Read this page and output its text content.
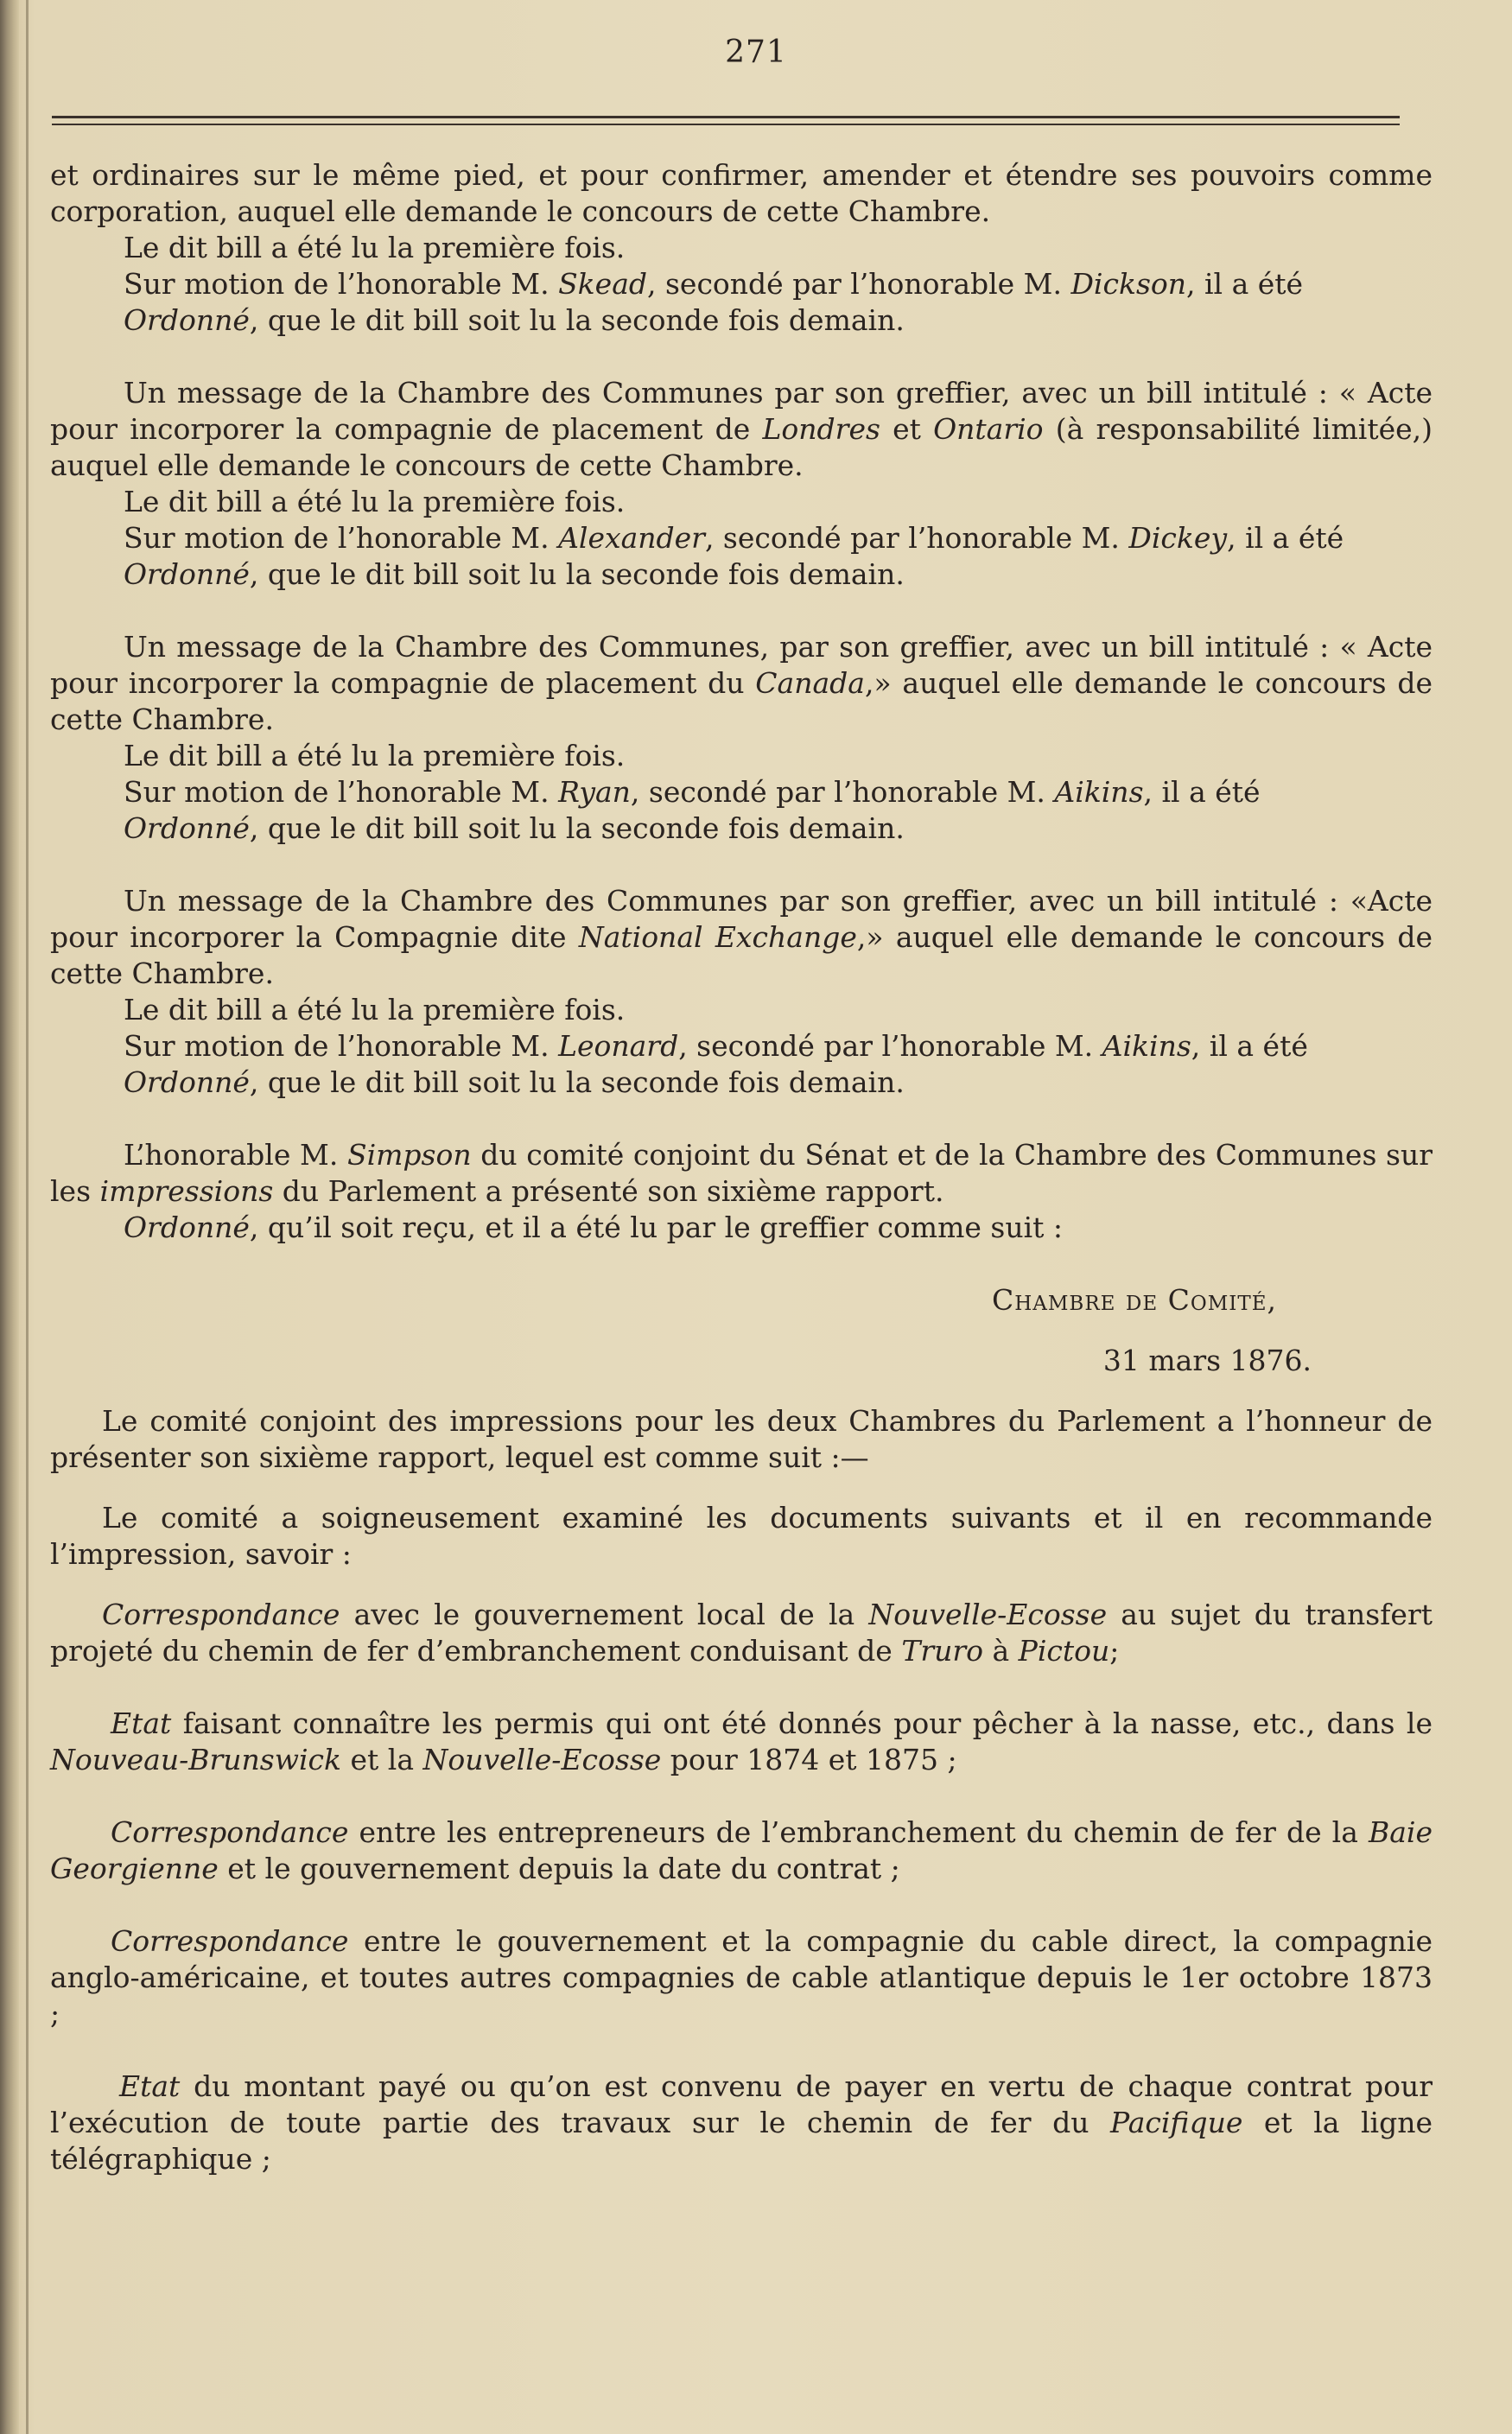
271

et ordinaires sur le même pied, et pour confirmer, amender et étendre ses pouvoirs comme corporation, auquel elle demande le concours de cette Chambre.

Le dit bill a été lu la première fois.

Sur motion de l’honorable M. Skead, secondé par l’honorable M. Dickson, il a été

Ordonné, que le dit bill soit lu la seconde fois demain.

Un message de la Chambre des Communes par son greffier, avec un bill intitulé : « Acte pour incorporer la compagnie de placement de Londres et Ontario (à responsabilité limitée,) auquel elle demande le concours de cette Chambre.

Le dit bill a été lu la première fois.

Sur motion de l’honorable M. Alexander, secondé par l’honorable M. Dickey, il a été

Ordonné, que le dit bill soit lu la seconde fois demain.

Un message de la Chambre des Communes, par son greffier, avec un bill intitulé : « Acte pour incorporer la compagnie de placement du Canada,» auquel elle demande le concours de cette Chambre.

Le dit bill a été lu la première fois.

Sur motion de l’honorable M. Ryan, secondé par l’honorable M. Aikins, il a été

Ordonné, que le dit bill soit lu la seconde fois demain.

Un message de la Chambre des Communes par son greffier, avec un bill intitulé : «Acte pour incorporer la Compagnie dite National Exchange,» auquel elle demande le concours de cette Chambre.

Le dit bill a été lu la première fois.

Sur motion de l’honorable M. Leonard, secondé par l’honorable M. Aikins, il a été

Ordonné, que le dit bill soit lu la seconde fois demain.

L’honorable M. Simpson du comité conjoint du Sénat et de la Chambre des Communes sur les impressions du Parlement a présenté son sixième rapport.

Ordonné, qu’il soit reçu, et il a été lu par le greffier comme suit :

Chambre de Comité,

31 mars 1876.

Le comité conjoint des impressions pour les deux Chambres du Parlement a l’honneur de présenter son sixième rapport, lequel est comme suit :—

Le comité a soigneusement examiné les documents suivants et il en recommande l’impression, savoir :

Correspondance avec le gouvernement local de la Nouvelle-Ecosse au sujet du transfert projeté du chemin de fer d’embranchement conduisant de Truro à Pictou;

Etat faisant connaître les permis qui ont été donnés pour pêcher à la nasse, etc., dans le Nouveau-Brunswick et la Nouvelle-Ecosse pour 1874 et 1875 ;

Correspondance entre les entrepreneurs de l’embranchement du chemin de fer de la Baie Georgienne et le gouvernement depuis la date du contrat ;

Correspondance entre le gouvernement et la compagnie du cable direct, la compagnie anglo-américaine, et toutes autres compagnies de cable atlantique depuis le 1er octobre 1873 ;

Etat du montant payé ou qu’on est convenu de payer en vertu de chaque contrat pour l’exécution de toute partie des travaux sur le chemin de fer du Pacifique et la ligne télégraphique ;
